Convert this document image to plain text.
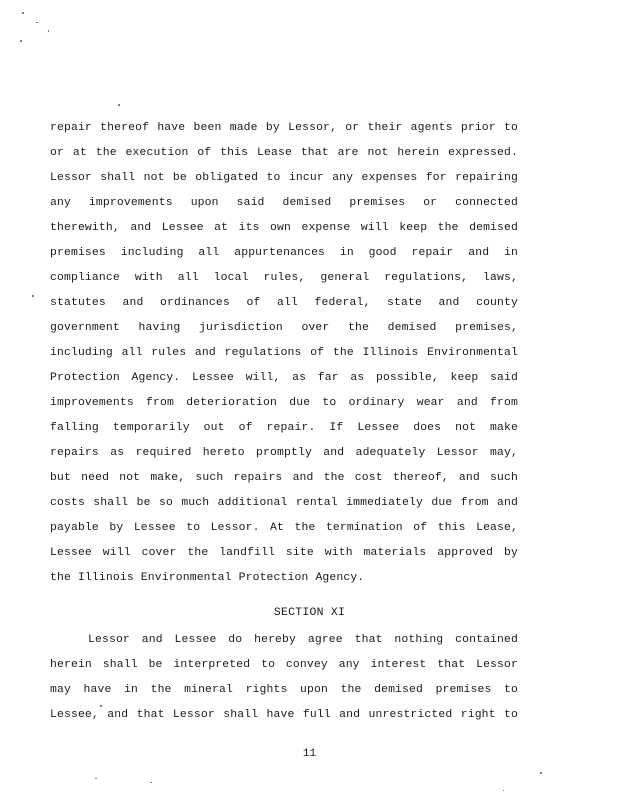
repair thereof have been made by Lessor, or their agents prior to
or at the execution of this Lease that are not herein expressed.
Lessor shall not be obligated to incur any expenses for repairing
any improvements upon said demised premises or connected
therewith, and Lessee at its own expense will keep the demised
premises including all appurtenances in good repair and in
compliance with all local rules, general regulations, laws,
statutes and ordinances of all federal, state and county
government having jurisdiction over the demised premises,
including all rules and regulations of the Illinois Environmental
Protection Agency. Lessee will, as far as possible, keep said
improvements from deterioration due to ordinary wear and from
falling temporarily out of repair. If Lessee does not make
repairs as required hereto promptly and adequately Lessor may,
but need not make, such repairs and the cost thereof, and such
costs shall be so much additional rental immediately due from and
payable by Lessee to Lessor. At the termination of this Lease,
Lessee will cover the landfill site with materials approved by
the Illinois Environmental Protection Agency.
SECTION XI
Lessor and Lessee do hereby agree that nothing contained
herein shall be interpreted to convey any interest that Lessor
may have in the mineral rights upon the demised premises to
Lessee, and that Lessor shall have full and unrestricted right to
11
